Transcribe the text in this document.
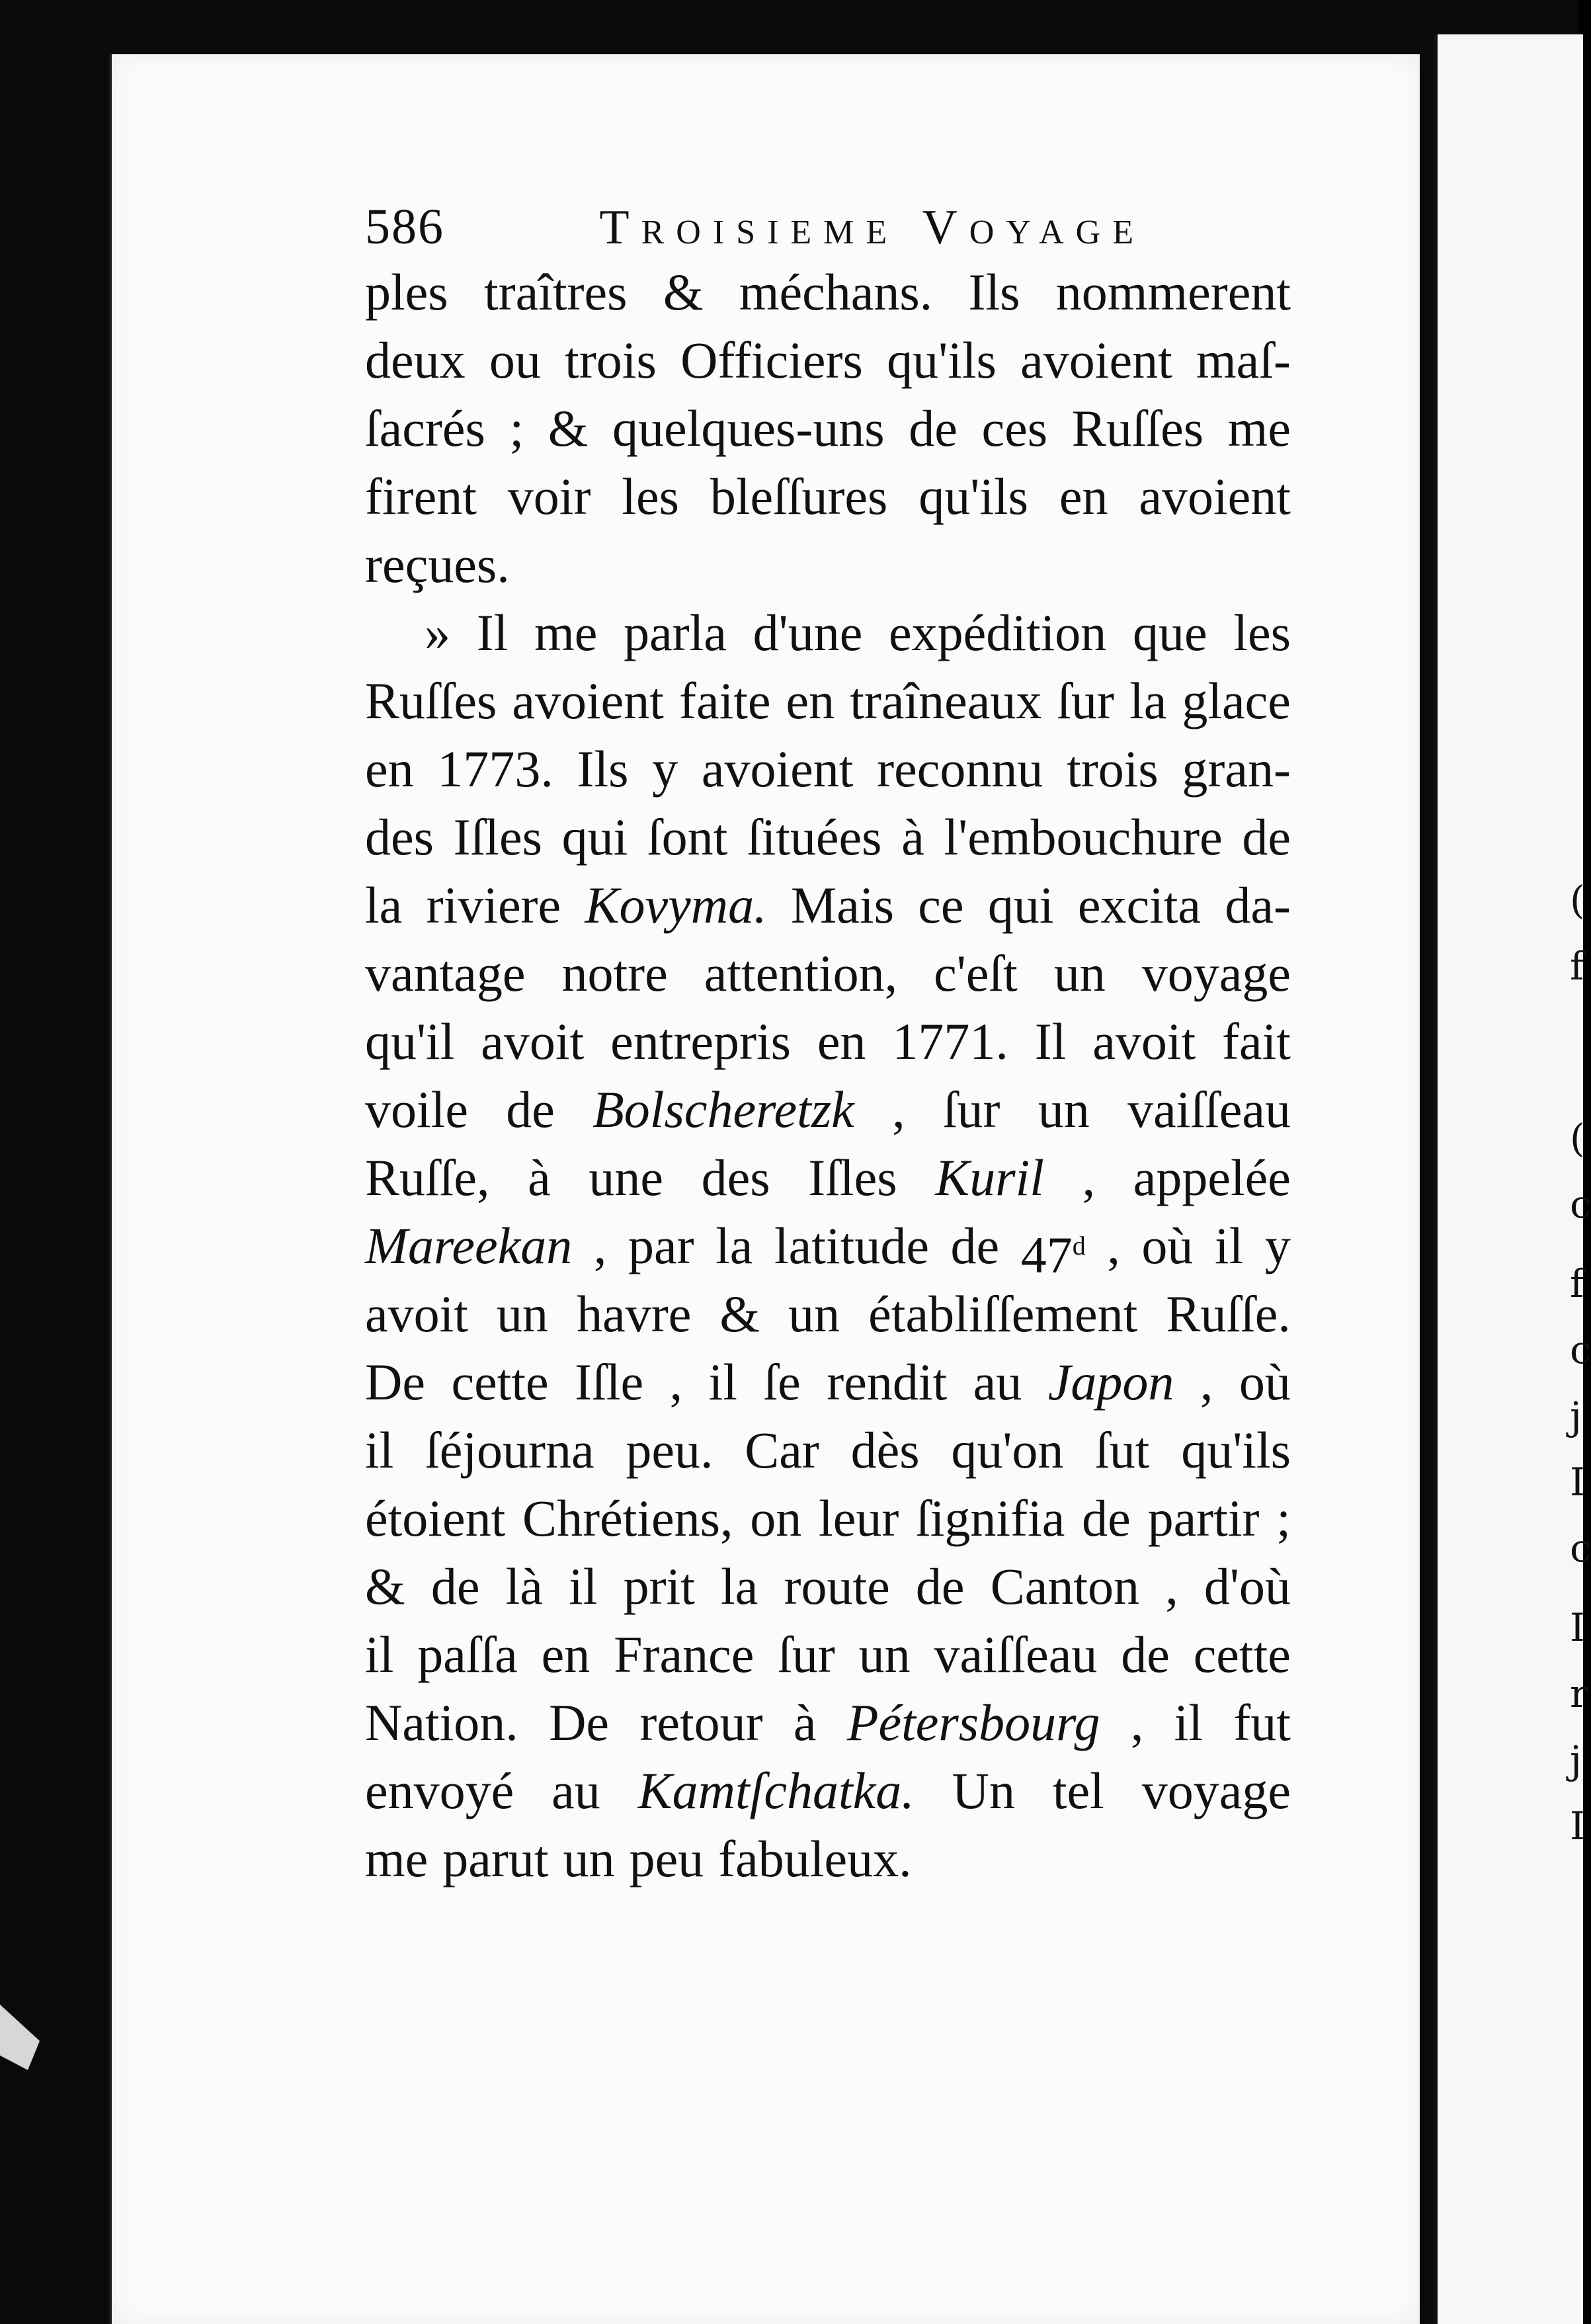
(
f
(
c
f
c
j
I
c
I
r
j
I
586	Troisieme Voyage
ples traîtres & méchans. Ils nommerent
deux ou trois Officiers qu'ils avoient maſ-
ſacrés ; & quelques-uns de ces Ruſſes me
firent voir les bleſſures qu'ils en avoient
reçues.
» Il me parla d'une expédition que les
Ruſſes avoient faite en traîneaux ſur la glace
en 1773. Ils y avoient reconnu trois gran-
des Iſles qui ſont ſituées à l'embouchure de
la riviere Kovyma. Mais ce qui excita da-
vantage notre attention, c'eſt un voyage
qu'il avoit entrepris en 1771. Il avoit fait
voile de Bolscheretzk , ſur un vaiſſeau
Ruſſe, à une des Iſles Kuril , appelée
Mareekan , par la latitude de 47$^d$ , où il y
avoit un havre & un établiſſement Ruſſe.
De cette Iſle , il ſe rendit au Japon , où
il ſéjourna peu. Car dès qu'on ſut qu'ils
étoient Chrétiens, on leur ſignifia de partir ;
& de là il prit la route de Canton , d'où
il paſſa en France ſur un vaiſſeau de cette
Nation. De retour à Pétersbourg , il fut
envoyé au Kamtſchatka. Un tel voyage
me parut un peu fabuleux.
